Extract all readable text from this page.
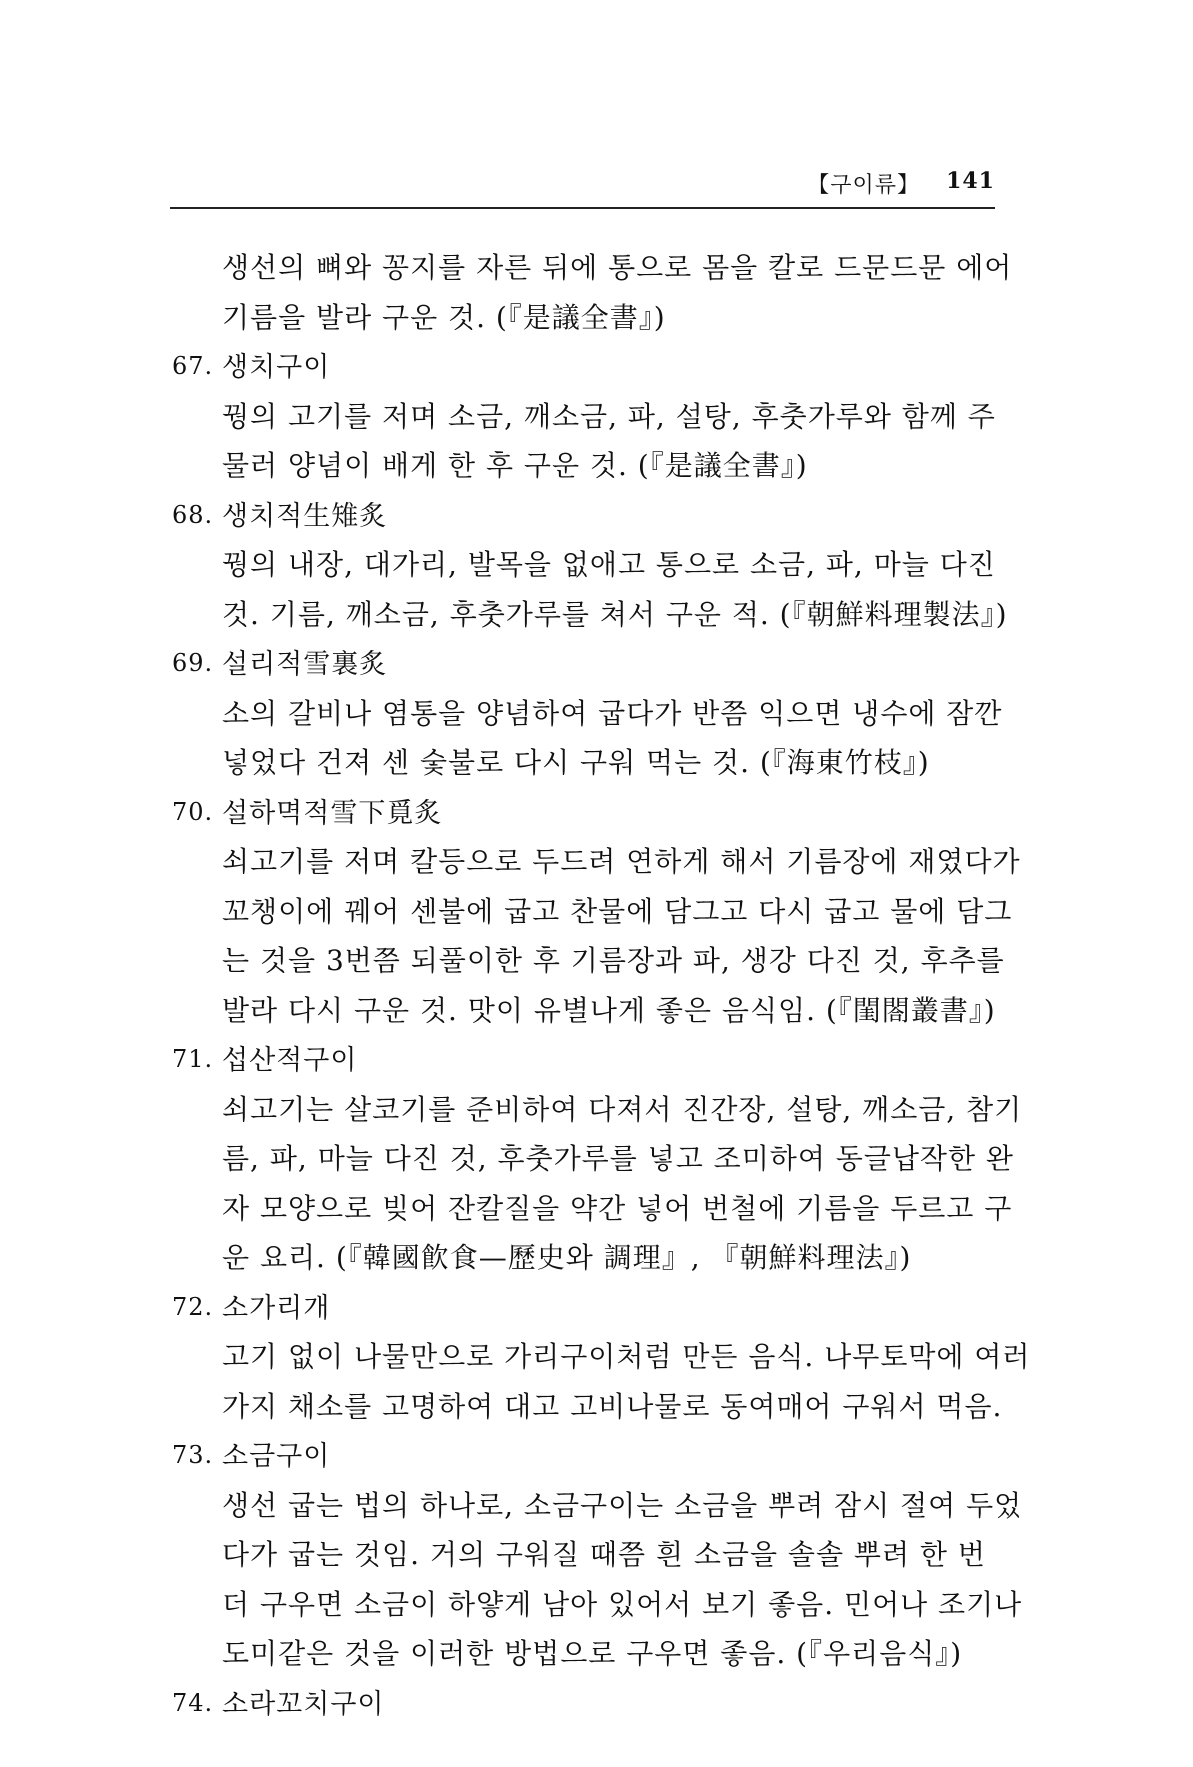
【구이류】 141
생선의 뼈와 꽁지를 자른 뒤에 통으로 몸을 칼로 드문드문 에어
기름을 발라 구운 것. (『是議全書』)
67. 생치구이
꿩의 고기를 저며 소금, 깨소금, 파, 설탕, 후춧가루와 함께 주
물러 양념이 배게 한 후 구운 것. (『是議全書』)
68. 생치적生雉炙
꿩의 내장, 대가리, 발목을 없애고 통으로 소금, 파, 마늘 다진
것. 기름, 깨소금, 후춧가루를 쳐서 구운 적. (『朝鮮料理製法』)
69. 설리적雪裏炙
소의 갈비나 염통을 양념하여 굽다가 반쯤 익으면 냉수에 잠깐
넣었다 건져 센 숯불로 다시 구워 먹는 것. (『海東竹枝』)
70. 설하멱적雪下覓炙
쇠고기를 저며 칼등으로 두드려 연하게 해서 기름장에 재였다가
꼬챙이에 꿰어 센불에 굽고 찬물에 담그고 다시 굽고 물에 담그
는 것을 3번쯤 되풀이한 후 기름장과 파, 생강 다진 것, 후추를
발라 다시 구운 것. 맛이 유별나게 좋은 음식임. (『閨閤叢書』)
71. 섭산적구이
쇠고기는 살코기를 준비하여 다져서 진간장, 설탕, 깨소금, 참기
름, 파, 마늘 다진 것, 후춧가루를 넣고 조미하여 동글납작한 완
자 모양으로 빚어 잔칼질을 약간 넣어 번철에 기름을 두르고 구
운 요리. (『韓國飮食—歷史와 調理』, 『朝鮮料理法』)
72. 소가리개
고기 없이 나물만으로 가리구이처럼 만든 음식. 나무토막에 여러
가지 채소를 고명하여 대고 고비나물로 동여매어 구워서 먹음.
73. 소금구이
생선 굽는 법의 하나로, 소금구이는 소금을 뿌려 잠시 절여 두었
다가 굽는 것임. 거의 구워질 때쯤 흰 소금을 솔솔 뿌려 한 번
더 구우면 소금이 하얗게 남아 있어서 보기 좋음. 민어나 조기나
도미같은 것을 이러한 방법으로 구우면 좋음. (『우리음식』)
74. 소라꼬치구이
